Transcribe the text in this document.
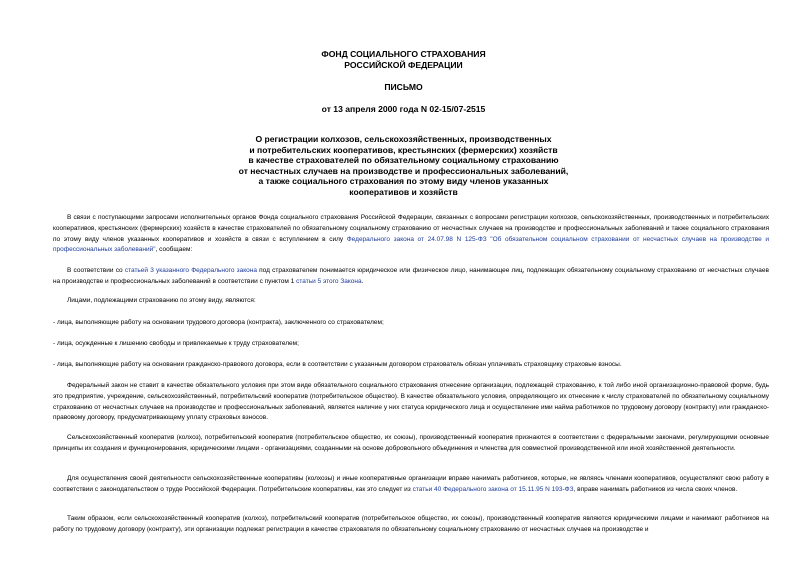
ФОНД СОЦИАЛЬНОГО СТРАХОВАНИЯ
РОССИЙСКОЙ ФЕДЕРАЦИИ
ПИСЬМО
от 13 апреля 2000 года N 02-15/07-2515
О регистрации колхозов, сельскохозяйственных, производственных
и потребительских кооперативов, крестьянских (фермерских) хозяйств
в качестве страхователей по обязательному социальному страхованию
от несчастных случаев на производстве и профессиональных заболеваний,
а также социального страхования по этому виду членов указанных
кооперативов и хозяйств

В связи с поступающими запросами исполнительных органов Фонда социального страхования Российской Федерации, связанных с вопросами регистрации колхозов, сельскохозяйственных, производственных и потребительских кооперативов, крестьянских (фермерских) хозяйств в качестве страхователей по обязательному социальному страхованию от несчастных случаев на производстве и профессиональных заболеваний и также социального страхования по этому виду членов указанных кооперативов и хозяйств в связи с вступлением в силу Федерального закона от 24.07.98 N 125-ФЗ "Об обязательном социальном страховании от несчастных случаев на производстве и профессиональных заболеваний", сообщаем:

В соответствии со статьей 3 указанного Федерального закона под страхователем понимается юридическое или физическое лицо, нанимающее лиц, подлежащих обязательному социальному страхованию от несчастных случаев на производстве и профессиональных заболеваний в соответствии с пунктом 1 статьи 5 этого Закона.

Лицами, подлежащими страхованию по этому виду, являются:

- лица, выполняющие работу на основании трудового договора (контракта), заключенного со страхователем;

- лица, осужденные к лишению свободы и привлекаемые к труду страхователем;

- лица, выполняющие работу на основании гражданско-правового договора, если в соответствии с указанным договором страхователь обязан уплачивать страховщику страховые взносы.

Федеральный закон не ставит в качестве обязательного условия при этом виде обязательного социального страхования отнесение организации, подлежащей страхованию, к той либо иной организационно-правовой форме, будь это предприятие, учреждение, сельскохозяйственный, потребительский кооператив (потребительское общество). В качестве обязательного условия, определяющего их отнесение к числу страхователей по обязательному социальному страхованию от несчастных случаев на производстве и профессиональных заболеваний, является наличие у них статуса юридического лица и осуществление ими найма работников по трудовому договору (контракту) или гражданско-правовому договору, предусматривающему уплату страховых взносов.

Сельскохозяйственный кооператив (колхоз), потребительский кооператив (потребительское общество, их союзы), производственный кооператив признаются в соответствии с федеральными законами, регулирующими основные принципы их создания и функционирования, юридическими лицами - организациями, созданными на основе добровольного объединения и членства для совместной производственной или иной хозяйственной деятельности.

Для осуществления своей деятельности сельскохозяйственные кооперативы (колхозы) и иные кооперативные организации вправе нанимать работников, которые, не являясь членами кооперативов, осуществляют свою работу в соответствии с законодательством о труде Российской Федерации. Потребительские кооперативы, как это следует из статьи 40 Федерального закона от 15.11.95 N 193-ФЗ, вправе нанимать работников из числа своих членов.

Таким образом, если сельскохозяйственный кооператив (колхоз), потребительский кооператив (потребительское общество, их союзы), производственный кооператив являются юридическими лицами и нанимают работников на работу по трудовому договору (контракту), эти организации подлежат регистрации в качестве страхователя по обязательному социальному страхованию от несчастных случаев на производстве и
